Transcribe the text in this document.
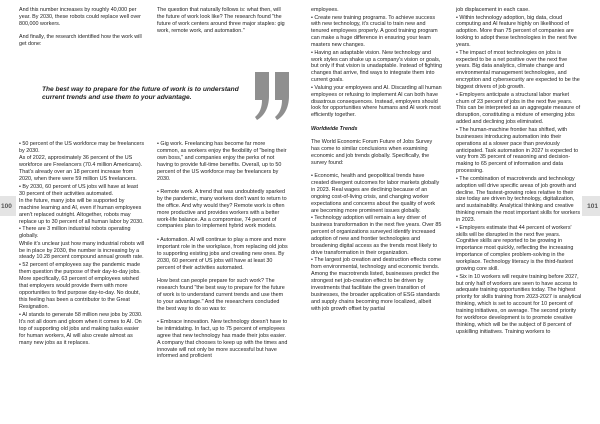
100	101

And this number increases by roughly 40,000 per year. By 2030, these robots could replace well over 800,000 workers.

And finally, the research identified how the work will get done:

The question that naturally follows is: what then, will the future of work look like? The research found "the future of work centers around three major staples: gig work, remote work, and automation."

The best way to prepare for the future of work is to understand current trends and use them to your advantage.

• 50 percent of the US workforce may be freelancers by 2030.

As of 2022, approximately 36 percent of the US workforce are Freelancers (70.4 million Americans). That's already over an 18 percent increase from 2020, when there were 59 million US freelancers.

• By 2030, 60 percent of US jobs will have at least 30 percent of their activities automated.

In the future, many jobs will be supported by machine learning and AI, even if human employees aren't replaced outright. Altogether, robots may replace up to 30 percent of all human labor by 2030.

• There are 3 million industrial robots operating globally.

While it's unclear just how many industrial robots will be in place by 2030, the number is increasing by a steady 10.28 percent compound annual growth rate.

• 52 percent of employees say the pandemic made them question the purpose of their day-to-day jobs.

More specifically, 63 percent of employees wished that employers would provide them with more opportunities to find purpose day-to-day. No doubt, this feeling has been a contributor to the Great Resignation.

• AI stands to generate 58 million new jobs by 2030.

It's not all doom and gloom when it comes to AI. On top of supporting old jobs and making tasks easier for human workers, AI will also create almost as many new jobs as it replaces.

• Gig work. Freelancing has become far more common, as workers enjoy the flexibility of "being their own boss," and companies enjoy the perks of not having to provide full-time benefits. Overall, up to 50 percent of the US workforce may be freelancers by 2030.

• Remote work. A trend that was undoubtedly sparked by the pandemic, many workers don't want to return to the office. And why would they? Remote work is often more productive and provides workers with a better work-life balance. As a compromise, 74 percent of companies plan to implement hybrid work models.

• Automation. AI will continue to play a more and more important role in the workplace, from replacing old jobs to supporting existing jobs and creating new ones. By 2030, 60 percent of US jobs will have at least 30 percent of their activities automated.

How best can people prepare for such work? The research found "the best way to prepare for the future of work is to understand current trends and use them to your advantage." And the researchers concluded the best way to do so was to:

• Embrace innovation. New technology doesn't have to be intimidating. In fact, up to 75 percent of employees agree that new technology has made their jobs easier. A company that chooses to keep up with the times and innovate will not only be more successful but have informed and proficient

employees.

• Create new training programs. To achieve success with new technology, it's crucial to train new and tenured employees properly. A good training program can make a huge difference in ensuring your team masters new changes.

• Having an adaptable vision. New technology and work styles can shake up a company's vision or goals, but only if that vision is unadaptable. Instead of fighting changes that arrive, find ways to integrate them into current goals.

• Valuing your employees and AI. Discarding all human employees or refusing to implement AI can both have disastrous consequences. Instead, employers should look for opportunities where humans and AI work most efficiently together.

Worldwide Trends

The World Economic Forum Future of Jobs Survey has come to similar conclusions when examining economic and job trends globally. Specifically, the survey found:

• Economic, health and geopolitical trends have created divergent outcomes for labor markets globally in 2023. Real wages are declining because of an ongoing cost-of-living crisis, and changing worker expectations and concerns about the quality of work are becoming more prominent issues globally.

• Technology adoption will remain a key driver of business transformation in the next five years. Over 85 percent of organizations surveyed identify increased adoption of new and frontier technologies and broadening digital access as the trends most likely to drive transformation in their organization.

• The largest job creation and destruction effects come from environmental, technology and economic trends. Among the macrotrends listed, businesses predict the strongest net job-creation effect to be driven by investments that facilitate the green transition of businesses, the broader application of ESG standards and supply chains becoming more localized, albeit with job growth offset by partial

job displacement in each case.

• Within technology adoption, big data, cloud computing and AI feature highly on likelihood of adoption. More than 75 percent of companies are looking to adopt these technologies in the next five years.

• The impact of most technologies on jobs is expected to be a net positive over the next five years. Big data analytics, climate change and environmental management technologies, and encryption and cybersecurity are expected to be the biggest drivers of job growth.

• Employers anticipate a structural labor market churn of 23 percent of jobs in the next five years. This can be interpreted as an aggregate measure of disruption, constituting a mixture of emerging jobs added and declining jobs eliminated.

• The human-machine frontier has shifted, with businesses introducing automation into their operations at a slower pace than previously anticipated. Task automation in 2027 is expected to vary from 35 percent of reasoning and decision-making to 65 percent of information and data processing.

• The combination of macrotrends and technology adoption will drive specific areas of job growth and decline. The fastest-growing roles relative to their size today are driven by technology, digitalization, and sustainability. Analytical thinking and creative thinking remain the most important skills for workers in 2023.

• Employers estimate that 44 percent of workers' skills will be disrupted in the next five years. Cognitive skills are reported to be growing in importance most quickly, reflecting the increasing importance of complex problem-solving in the workplace. Technology literacy is the third-fastest growing core skill.

• Six in 10 workers will require training before 2027, but only half of workers are seen to have access to adequate training opportunities today. The highest priority for skills training from 2023-2027 is analytical thinking, which is set to account for 10 percent of training initiatives, on average. The second priority for workforce development is to promote creative thinking, which will be the subject of 8 percent of upskilling initiatives. Training workers to
